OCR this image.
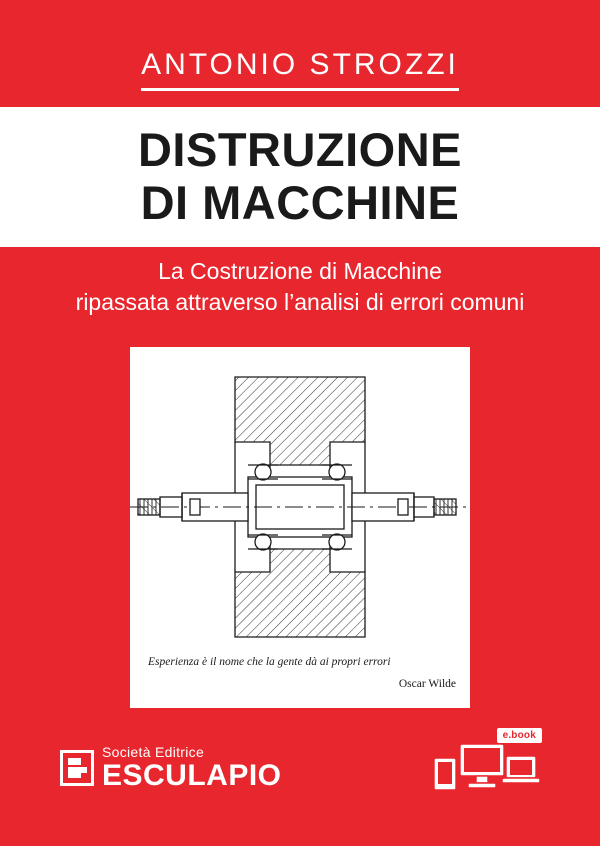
ANTONIO STROZZI
DISTRUZIONE
DI MACCHINE
La Costruzione di Macchine
ripassata attraverso l’analisi di errori comuni
Esperienza è il nome che la gente dà ai propri errori
Oscar Wilde
Società Editrice
ESCULAPIO
e.book
